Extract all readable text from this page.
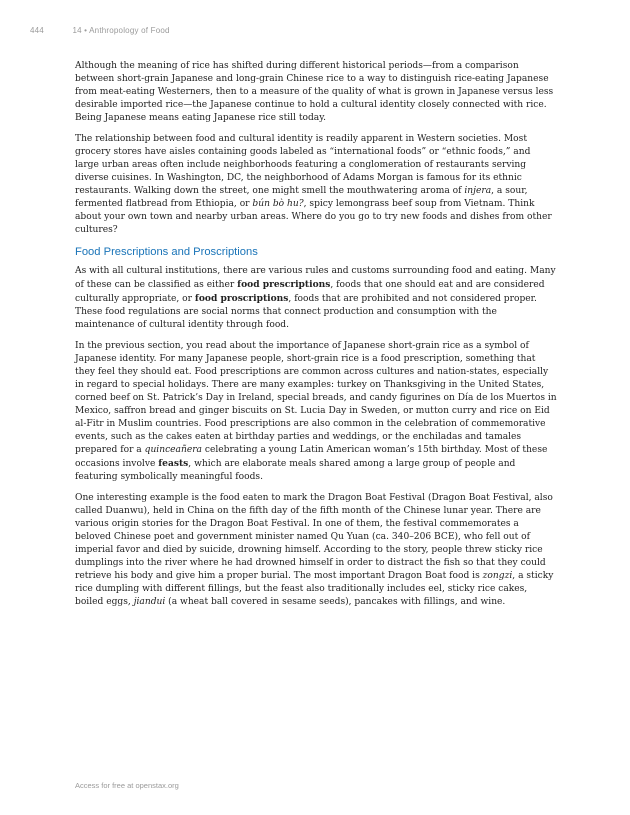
444	14 • Anthropology of Food

Although the meaning of rice has shifted during different historical periods—from a comparison between short-grain Japanese and long-grain Chinese rice to a way to distinguish rice-eating Japanese from meat-eating Westerners, then to a measure of the quality of what is grown in Japanese versus less desirable imported rice—the Japanese continue to hold a cultural identity closely connected with rice. Being Japanese means eating Japanese rice still today.

The relationship between food and cultural identity is readily apparent in Western societies. Most grocery stores have aisles containing goods labeled as “international foods” or “ethnic foods,” and large urban areas often include neighborhoods featuring a conglomeration of restaurants serving diverse cuisines. In Washington, DC, the neighborhood of Adams Morgan is famous for its ethnic restaurants. Walking down the street, one might smell the mouthwatering aroma of injera, a sour, fermented flatbread from Ethiopia, or bún bò hu?, spicy lemongrass beef soup from Vietnam. Think about your own town and nearby urban areas. Where do you go to try new foods and dishes from other cultures?

Food Prescriptions and Proscriptions

As with all cultural institutions, there are various rules and customs surrounding food and eating. Many of these can be classified as either food prescriptions, foods that one should eat and are considered culturally appropriate, or food proscriptions, foods that are prohibited and not considered proper. These food regulations are social norms that connect production and consumption with the maintenance of cultural identity through food.

In the previous section, you read about the importance of Japanese short-grain rice as a symbol of Japanese identity. For many Japanese people, short-grain rice is a food prescription, something that they feel they should eat. Food prescriptions are common across cultures and nation-states, especially in regard to special holidays. There are many examples: turkey on Thanksgiving in the United States, corned beef on St. Patrick’s Day in Ireland, special breads, and candy figurines on Día de los Muertos in Mexico, saffron bread and ginger biscuits on St. Lucia Day in Sweden, or mutton curry and rice on Eid al-Fitr in Muslim countries. Food prescriptions are also common in the celebration of commemorative events, such as the cakes eaten at birthday parties and weddings, or the enchiladas and tamales prepared for a quinceañera celebrating a young Latin American woman’s 15th birthday. Most of these occasions involve feasts, which are elaborate meals shared among a large group of people and featuring symbolically meaningful foods.

One interesting example is the food eaten to mark the Dragon Boat Festival (Dragon Boat Festival, also called Duanwu), held in China on the fifth day of the fifth month of the Chinese lunar year. There are various origin stories for the Dragon Boat Festival. In one of them, the festival commemorates a beloved Chinese poet and government minister named Qu Yuan (ca. 340–206 BCE), who fell out of imperial favor and died by suicide, drowning himself. According to the story, people threw sticky rice dumplings into the river where he had drowned himself in order to distract the fish so that they could retrieve his body and give him a proper burial. The most important Dragon Boat food is zongzi, a sticky rice dumpling with different fillings, but the feast also traditionally includes eel, sticky rice cakes, boiled eggs, jiandui (a wheat ball covered in sesame seeds), pancakes with fillings, and wine.

Access for free at openstax.org
